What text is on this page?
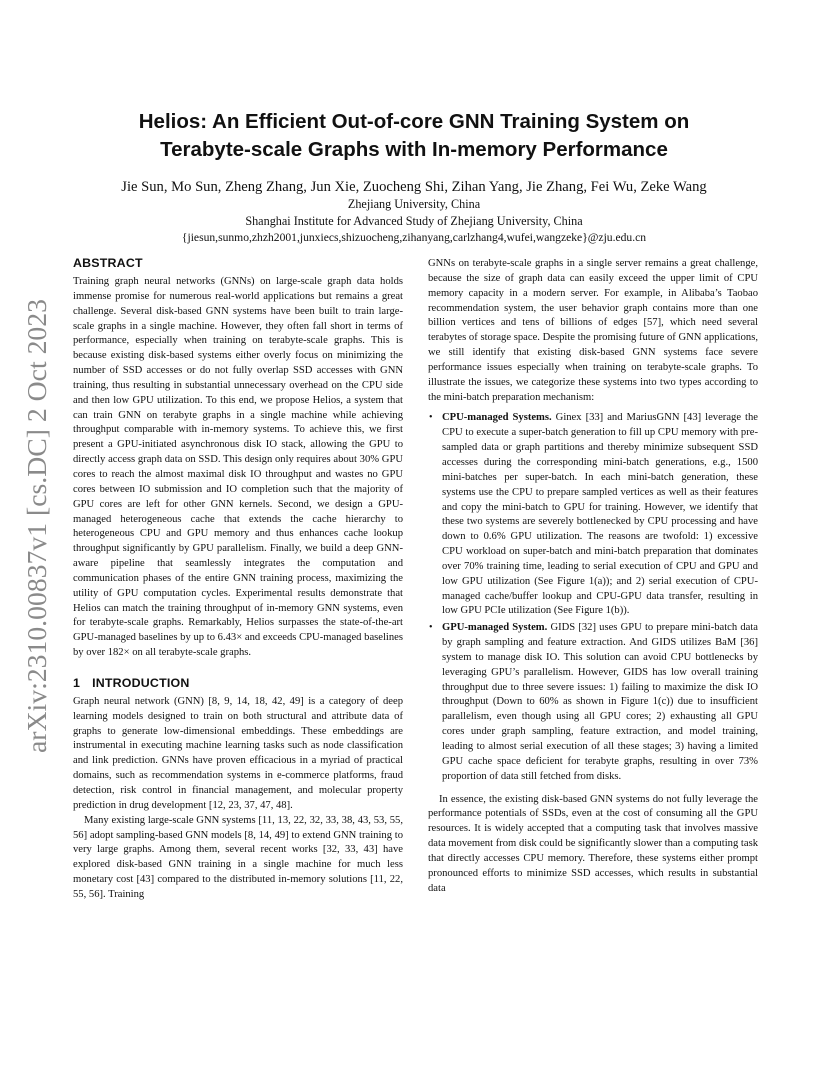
arXiv:2310.00837v1 [cs.DC] 2 Oct 2023
Helios: An Efficient Out-of-core GNN Training System on
Terabyte-scale Graphs with In-memory Performance
Jie Sun, Mo Sun, Zheng Zhang, Jun Xie, Zuocheng Shi, Zihan Yang, Jie Zhang, Fei Wu, Zeke Wang
Zhejiang University, China
Shanghai Institute for Advanced Study of Zhejiang University, China
{jiesun,sunmo,zhzh2001,junxiecs,shizuocheng,zihanyang,carlzhang4,wufei,wangzeke}@zju.edu.cn
ABSTRACT

Training graph neural networks (GNNs) on large-scale graph data holds immense promise for numerous real-world applications but remains a great challenge. Several disk-based GNN systems have been built to train large-scale graphs in a single machine. However, they often fall short in terms of performance, especially when training on terabyte-scale graphs. This is because existing disk-based systems either overly focus on minimizing the number of SSD accesses or do not fully overlap SSD accesses with GNN training, thus resulting in substantial unnecessary overhead on the CPU side and then low GPU utilization. To this end, we propose Helios, a system that can train GNN on terabyte graphs in a single machine while achieving throughput comparable with in-memory systems. To achieve this, we first present a GPU-initiated asynchronous disk IO stack, allowing the GPU to directly access graph data on SSD. This design only requires about 30% GPU cores to reach the almost maximal disk IO throughput and wastes no GPU cores between IO submission and IO completion such that the majority of GPU cores are left for other GNN kernels. Second, we design a GPU-managed heterogeneous cache that extends the cache hierarchy to heterogeneous CPU and GPU memory and thus enhances cache lookup throughput significantly by GPU parallelism. Finally, we build a deep GNN-aware pipeline that seamlessly integrates the computation and communication phases of the entire GNN training process, maximizing the utility of GPU computation cycles. Experimental results demonstrate that Helios can match the training throughput of in-memory GNN systems, even for terabyte-scale graphs. Remarkably, Helios surpasses the state-of-the-art GPU-managed baselines by up to 6.43× and exceeds CPU-managed baselines by over 182× on all terabyte-scale graphs.

1 INTRODUCTION

Graph neural network (GNN) [8, 9, 14, 18, 42, 49] is a category of deep learning models designed to train on both structural and attribute data of graphs to generate low-dimensional embeddings. These embeddings are instrumental in executing machine learning tasks such as node classification and link prediction. GNNs have proven efficacious in a myriad of practical domains, such as recommendation systems in e-commerce platforms, fraud detection, risk control in financial management, and molecular property prediction in drug development [12, 23, 37, 47, 48].

Many existing large-scale GNN systems [11, 13, 22, 32, 33, 38, 43, 53, 55, 56] adopt sampling-based GNN models [8, 14, 49] to extend GNN training to very large graphs. Among them, several recent works [32, 33, 43] have explored disk-based GNN training in a single machine for much less monetary cost [43] compared to the distributed in-memory solutions [11, 22, 55, 56]. Training

GNNs on terabyte-scale graphs in a single server remains a great challenge, because the size of graph data can easily exceed the upper limit of CPU memory capacity in a modern server. For example, in Alibaba’s Taobao recommendation system, the user behavior graph contains more than one billion vertices and tens of billions of edges [57], which need several terabytes of storage space. Despite the promising future of GNN applications, we still identify that existing disk-based GNN systems face severe performance issues especially when training on terabyte-scale graphs. To illustrate the issues, we categorize these systems into two types according to the mini-batch preparation mechanism:

• CPU-managed Systems. Ginex [33] and MariusGNN [43] leverage the CPU to execute a super-batch generation to fill up CPU memory with pre-sampled data or graph partitions and thereby minimize subsequent SSD accesses during the corresponding mini-batch generations, e.g., 1500 mini-batches per super-batch. In each mini-batch generation, these systems use the CPU to prepare sampled vertices as well as their features and copy the mini-batch to GPU for training. However, we identify that these two systems are severely bottlenecked by CPU processing and have down to 0.6% GPU utilization. The reasons are twofold: 1) excessive CPU workload on super-batch and mini-batch preparation that dominates over 70% training time, leading to serial execution of CPU and GPU and low GPU utilization (See Figure 1(a)); and 2) serial execution of CPU-managed cache/buffer lookup and CPU-GPU data transfer, resulting in low GPU PCIe utilization (See Figure 1(b)).
• GPU-managed System. GIDS [32] uses GPU to prepare mini-batch data by graph sampling and feature extraction. And GIDS utilizes BaM [36] system to manage disk IO. This solution can avoid CPU bottlenecks by leveraging GPU’s parallelism. However, GIDS has low overall training throughput due to three severe issues: 1) failing to maximize the disk IO throughput (Down to 60% as shown in Figure 1(c)) due to insufficient parallelism, even though using all GPU cores; 2) exhausting all GPU cores under graph sampling, feature extraction, and model training, leading to almost serial execution of all these stages; 3) having a limited GPU cache space deficient for terabyte graphs, resulting in over 73% proportion of data still fetched from disks.

In essence, the existing disk-based GNN systems do not fully leverage the performance potentials of SSDs, even at the cost of consuming all the GPU resources. It is widely accepted that a computing task that involves massive data movement from disk could be significantly slower than a computing task that directly accesses CPU memory. Therefore, these systems either prompt pronounced efforts to minimize SSD accesses, which results in substantial data
